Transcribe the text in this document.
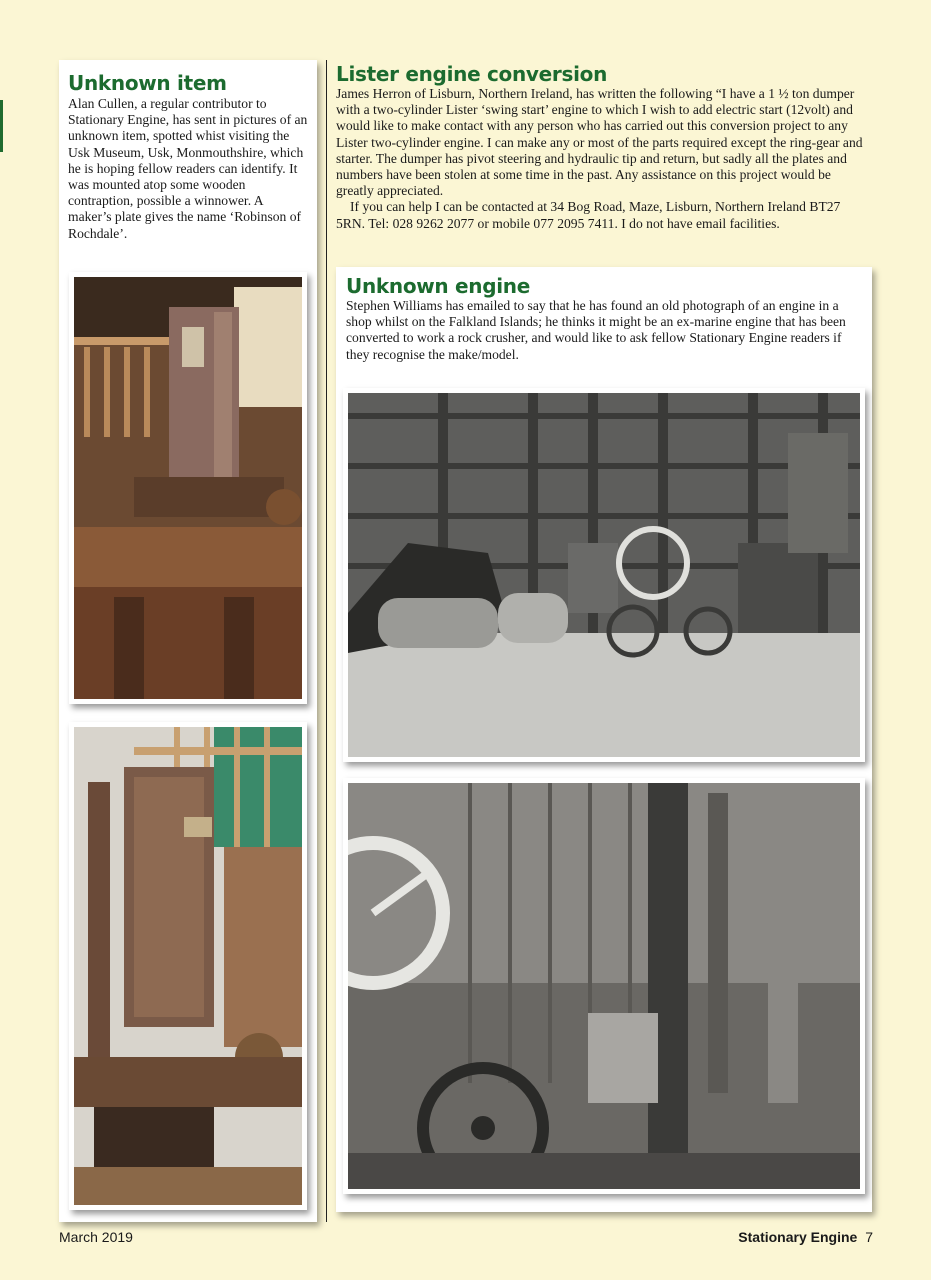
Unknown item
Alan Cullen, a regular contributor to Stationary Engine, has sent in pictures of an unknown item, spotted whist visiting the Usk Museum, Usk, Monmouthshire, which he is hoping fellow readers can identify. It was mounted atop some wooden contraption, possible a winnower. A maker’s plate gives the name ‘Robinson of Rochdale’.
Lister engine conversion

James Herron of Lisburn, Northern Ireland, has written the following “I have a 1 ½ ton dumper with a two-cylinder Lister ‘swing start’ engine to which I wish to add electric start (12volt) and would like to make contact with any person who has carried out this conversion project to any Lister two-cylinder engine. I can make any or most of the parts required except the ring-gear and starter. The dumper has pivot steering and hydraulic tip and return, but sadly all the plates and numbers have been stolen at some time in the past. Any assistance on this project would be greatly appreciated.

If you can help I can be contacted at 34 Bog Road, Maze, Lisburn, Northern Ireland BT27 5RN. Tel: 028 9262 2077 or mobile 077 2095 7411. I do not have email facilities.

Unknown engine
Stephen Williams has emailed to say that he has found an old photograph of an engine in a shop whilst on the Falkland Islands; he thinks it might be an ex-marine engine that has been converted to work a rock crusher, and would like to ask fellow Stationary Engine readers if they recognise the make/model.
March 2019	Stationary Engine 7
